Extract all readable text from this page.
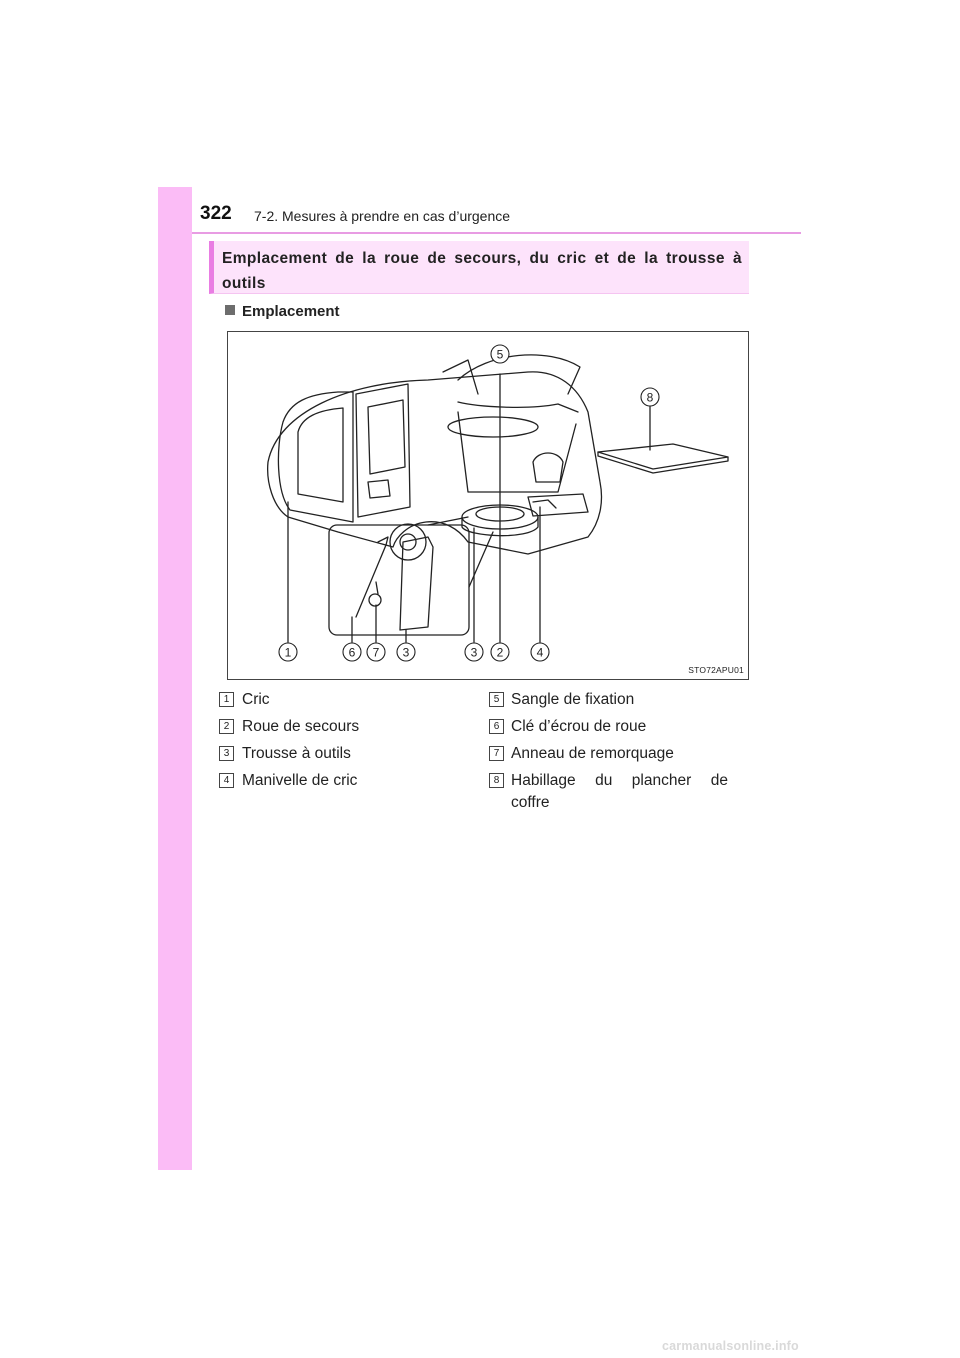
322 7-2. Mesures à prendre en cas d’urgence
Emplacement de la roue de secours, du cric et de la trousse à outils
Emplacement
1	6 7 3	3 2	4
5
8
STO72APU01
1 Cric
2 Roue de secours
3 Trousse à outils
4 Manivelle de cric
5 Sangle de fixation
6 Clé d’écrou de roue
7 Anneau de remorquage
8 Habillage du plancher de
coffre
carmanualsonline.info
